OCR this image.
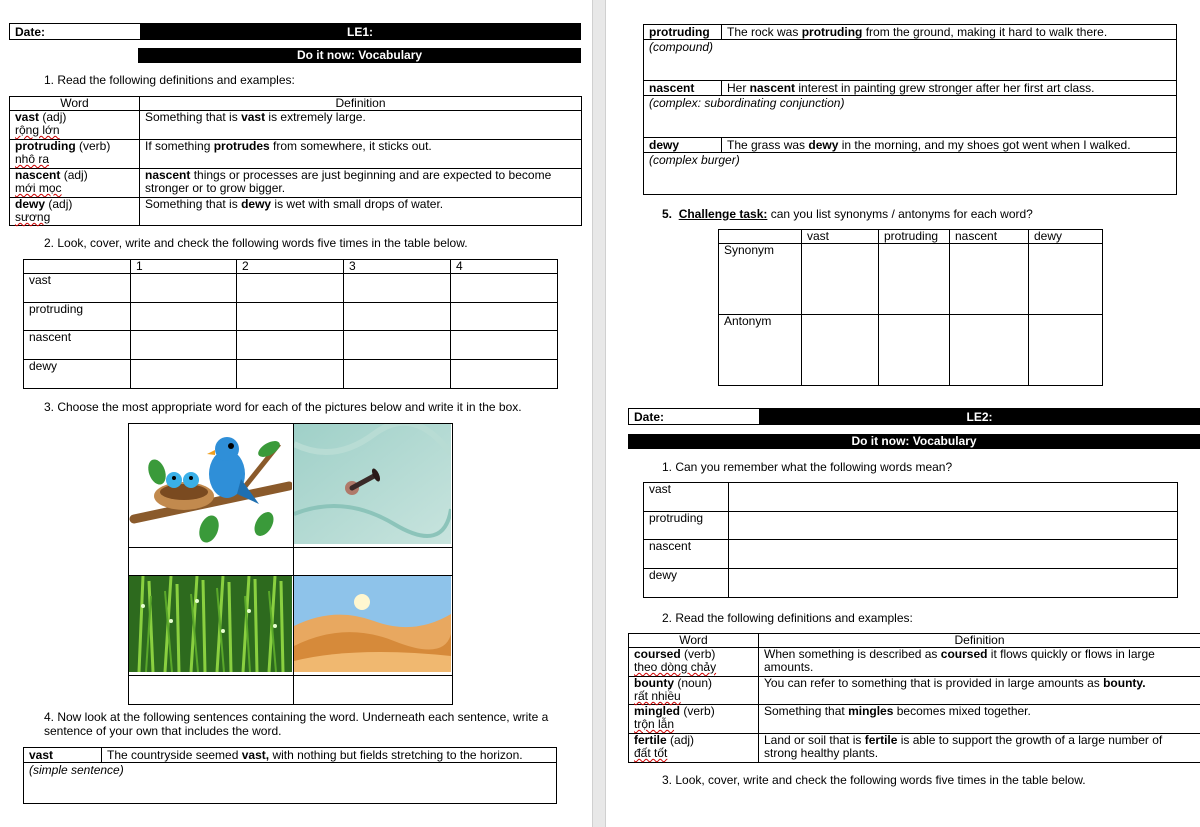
Date:	LE1:
Do it now: Vocabulary
1. Read the following definitions and examples:
Word	Definition
vast (adj)
rộng lớn	Something that is vast is extremely large.
protruding (verb)
nhô ra	If something protrudes from somewhere, it sticks out.
nascent (adj)
mới mọc	nascent things or processes are just beginning and are expected to become stronger or to grow bigger.
dewy (adj)
sương	Something that is dewy is wet with small drops of water.
2. Look, cover, write and check the following words five times in the table below.
	1	2	3	4
vast				
protruding				
nascent				
dewy				
3. Choose the most appropriate word for each of the pictures below and write it in the box.

4. Now look at the following sentences containing the word. Underneath each sentence, write a sentence of your own that includes the word.
vast	The countryside seemed vast, with nothing but fields stretching to the horizon.
(simple sentence)
protruding	The rock was protruding from the ground, making it hard to walk there.
(compound)
nascent	Her nascent interest in painting grew stronger after her first art class.
(complex: subordinating conjunction)
dewy	The grass was dewy in the morning, and my shoes got went when I walked.
(complex burger)
5. Challenge task: can you list synonyms / antonyms for each word?
	vast	protruding	nascent	dewy
Synonym				
Antonym				
Date:	LE2:
Do it now: Vocabulary
1. Can you remember what the following words mean?
vast	
protruding	
nascent	
dewy	
2. Read the following definitions and examples:
Word	Definition
coursed (verb)
theo dòng chảy	When something is described as coursed it flows quickly or flows in large amounts.
bounty (noun)
rất nhiều	You can refer to something that is provided in large amounts as bounty.
mingled (verb)
trộn lẫn	Something that mingles becomes mixed together.
fertile (adj)
đất tốt	Land or soil that is fertile is able to support the growth of a large number of strong healthy plants.
3. Look, cover, write and check the following words five times in the table below.
